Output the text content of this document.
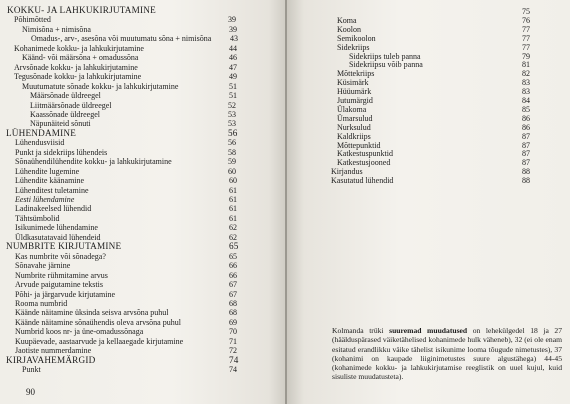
KOKKU- JA LAHKUKIRJUTAMINE
Põhimõtted	39
Nimisõna + nimisõna	39
Omadus-, arv-, asesõna või muutumatu sõna + nimisõna 43
Kohanimede kokku- ja lahkukirjutamine	44
Käänd- või määrsõna + omadussõna	46
Arvsõnade kokku- ja lahkukirjutamine	47
Tegusõnade kokku- ja lahkukirjutamine	49
Muutumatute sõnade kokku- ja lahkukirjutamine	51
Määrsõnade üldreegel	51
Liitmäärsõnade üldreegel	52
Kaassõnade üldreegel	53
Näpunäiteid sõnuti	53
LÜHENDAMINE	56
Lühendusviisid	56
Punkt ja sidekriips lühendeis	58
Sõnaühendilühendite kokku- ja lahkukirjutamine	59
Lühendite lugemine	60
Lühendite käänamine	60
Lühenditest tuletamine	61
Eesti lühendamine	61
Ladinakeelsed lühendid	61
Tähtsümbolid	61
Isikunimede lühendamine	62
Üldkasutatavaid lühendeid	62
NUMBRITE KIRJUTAMINE	65
Kas numbrite või sõnadega?	65
Sõnavahe järnine	66
Numbrite rühmitamine arvus	66
Arvude paigutamine tekstis	67
Põhi- ja järgarvude kirjutamine	67
Rooma numbrid	68
Käände näitamine üksinda seisva arvsõna puhul	68
Käände näitamine sõnaühendis oleva arvsõna puhul	69
Numbrid koos nr- ja üne-omadussõnaga	70
Kuupäevade, aastaarvude ja kellaaegade kirjutamine	71
Jaotiste nummerdamine	72
KIRJAVAHEMÄRGID	74
Punkt	74
90
75
Koma	76
Koolon	77
Semikoolon	77
Sidekriips	77
Sidekriips tuleb panna	79
Sidekriipsu võib panna	81
Mõttekriips	82
Küsimärk	83
Hüüumärk	83
Jutumärgid	84
Ülakoma	85
Ümarsulud	86
Nurksulud	86
Kaldkriips	87
Mõttepunktid	87
Katkestuspunktid	87
Katkestusjooned	87
Kirjandus	88
Kasutatud lühendid	88
Kolmanda trüki suuremad muudatused on lehekülgedel 18 ja 27 (häälduspärased väiketähelised kohanimede hulk väheneb), 32 (ei ole enam esitatud erandlikku väike tähelist isikunime looma tõugude nimetustes), 37 (kohanimi on kaupade liiginimetustes suure algustähega) 44-45 (kohanimede kokku- ja lahkukirjutamise reeglistik on uuel kujul, kuid sisuliste muudatusteta).
